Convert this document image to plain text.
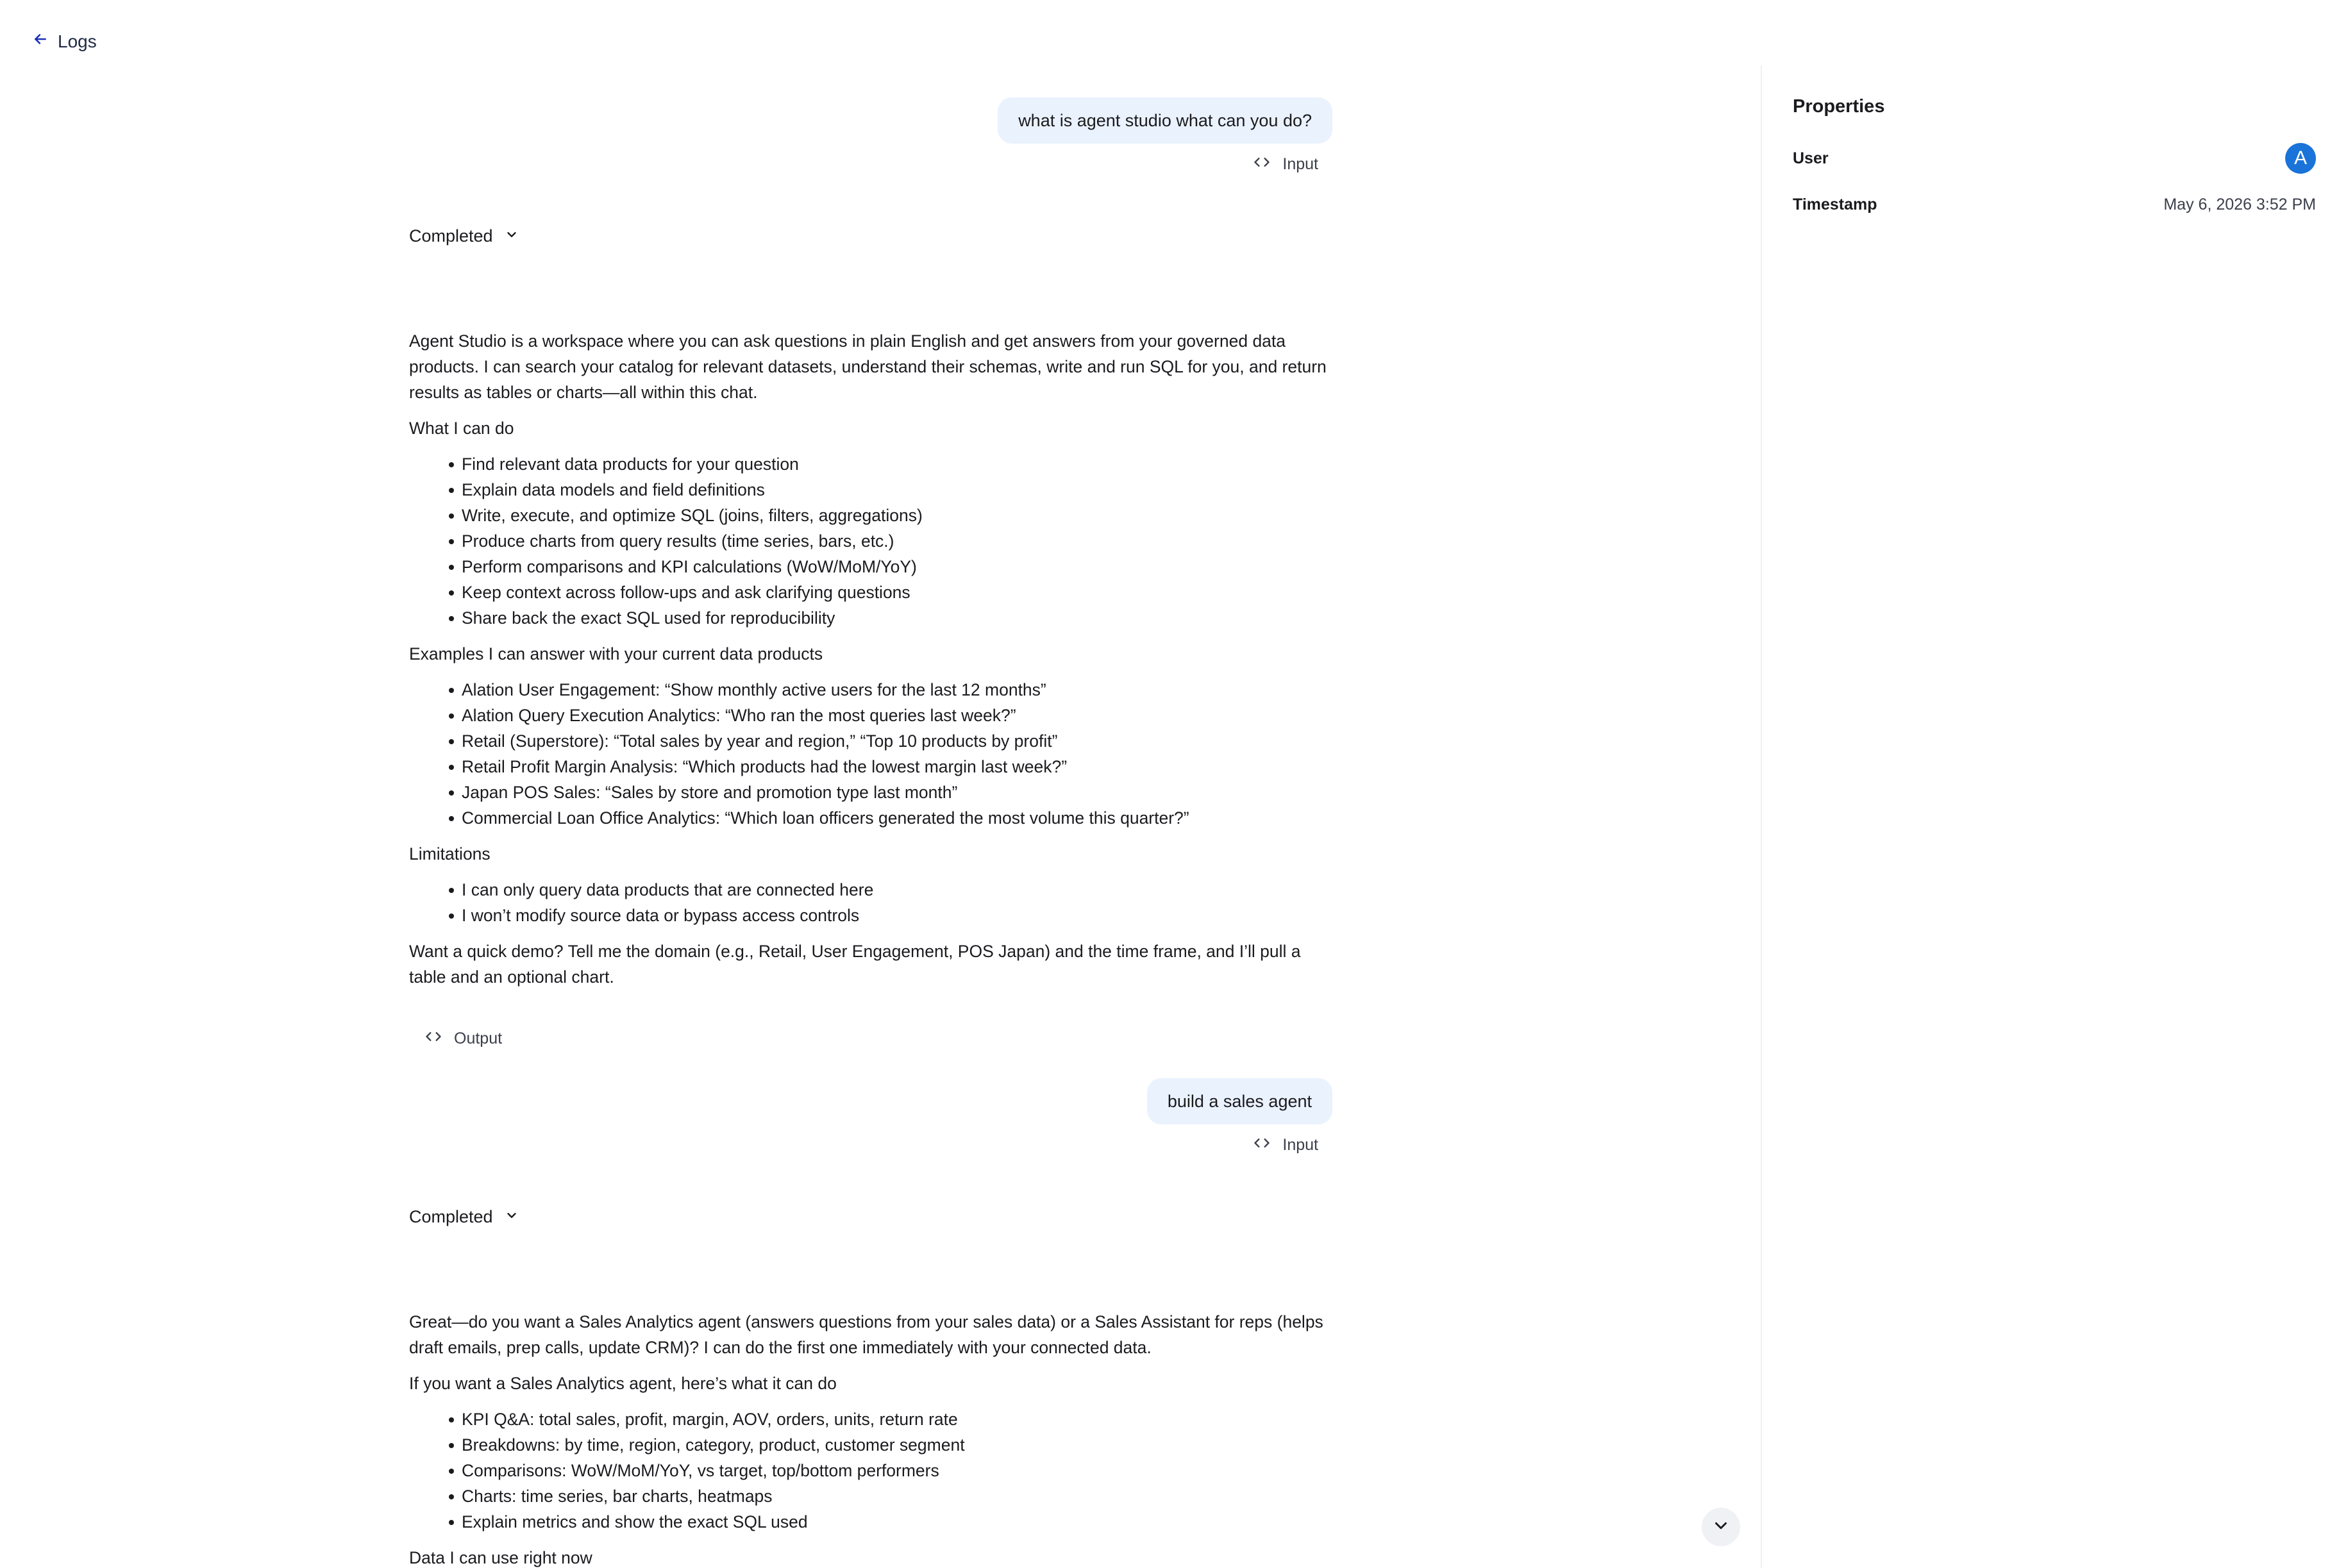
Logs
what is agent studio what can you do?
Input
Completed

Agent Studio is a workspace where you can ask questions in plain English and get answers from your governed data products. I can search your catalog for relevant datasets, understand their schemas, write and run SQL for you, and return results as tables or charts—all within this chat.

What I can do

Find relevant data products for your question
Explain data models and field definitions
Write, execute, and optimize SQL (joins, filters, aggregations)
Produce charts from query results (time series, bars, etc.)
Perform comparisons and KPI calculations (WoW/MoM/YoY)
Keep context across follow-ups and ask clarifying questions
Share back the exact SQL used for reproducibility

Examples I can answer with your current data products

Alation User Engagement: “Show monthly active users for the last 12 months”
Alation Query Execution Analytics: “Who ran the most queries last week?”
Retail (Superstore): “Total sales by year and region,” “Top 10 products by profit”
Retail Profit Margin Analysis: “Which products had the lowest margin last week?”
Japan POS Sales: “Sales by store and promotion type last month”
Commercial Loan Office Analytics: “Which loan officers generated the most volume this quarter?”

Limitations

I can only query data products that are connected here
I won’t modify source data or bypass access controls

Want a quick demo? Tell me the domain (e.g., Retail, User Engagement, POS Japan) and the time frame, and I’ll pull a table and an optional chart.

Output
build a sales agent
Input
Completed

Great—do you want a Sales Analytics agent (answers questions from your sales data) or a Sales Assistant for reps (helps draft emails, prep calls, update CRM)? I can do the first one immediately with your connected data.

If you want a Sales Analytics agent, here’s what it can do

KPI Q&A: total sales, profit, margin, AOV, orders, units, return rate
Breakdowns: by time, region, category, product, customer segment
Comparisons: WoW/MoM/YoY, vs target, top/bottom performers
Charts: time series, bar charts, heatmaps
Explain metrics and show the exact SQL used

Data I can use right now

Properties
User	A
Timestamp	May 6, 2026 3:52 PM
